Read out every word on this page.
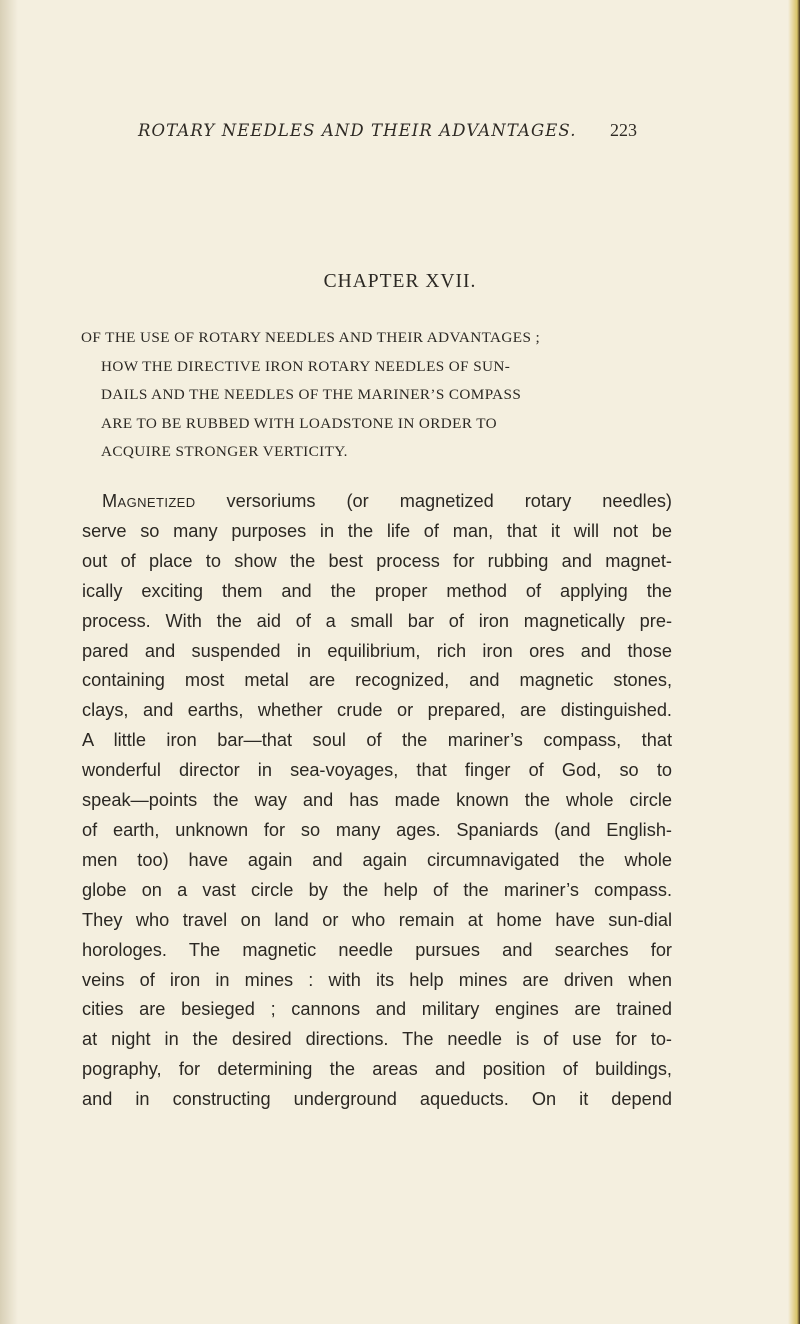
ROTARY NEEDLES AND THEIR ADVANTAGES. 223
CHAPTER XVII.
OF THE USE OF ROTARY NEEDLES AND THEIR ADVANTAGES ;
HOW THE DIRECTIVE IRON ROTARY NEEDLES OF SUN-
DAILS AND THE NEEDLES OF THE MARINER’S COMPASS
ARE TO BE RUBBED WITH LOADSTONE IN ORDER TO
ACQUIRE STRONGER VERTICITY.
Magnetized versoriums (or magnetized rotary needles)
serve so many purposes in the life of man, that it will not be
out of place to show the best process for rubbing and magnet-
ically exciting them and the proper method of applying the
process. With the aid of a small bar of iron magnetically pre-
pared and suspended in equilibrium, rich iron ores and those
containing most metal are recognized, and magnetic stones,
clays, and earths, whether crude or prepared, are distinguished.
A little iron bar—that soul of the mariner’s compass, that
wonderful director in sea-voyages, that finger of God, so to
speak—points the way and has made known the whole circle
of earth, unknown for so many ages. Spaniards (and English-
men too) have again and again circumnavigated the whole
globe on a vast circle by the help of the mariner’s compass.
They who travel on land or who remain at home have sun-dial
horologes. The magnetic needle pursues and searches for
veins of iron in mines : with its help mines are driven when
cities are besieged ; cannons and military engines are trained
at night in the desired directions. The needle is of use for to-
pography, for determining the areas and position of buildings,
and in constructing underground aqueducts. On it depend
